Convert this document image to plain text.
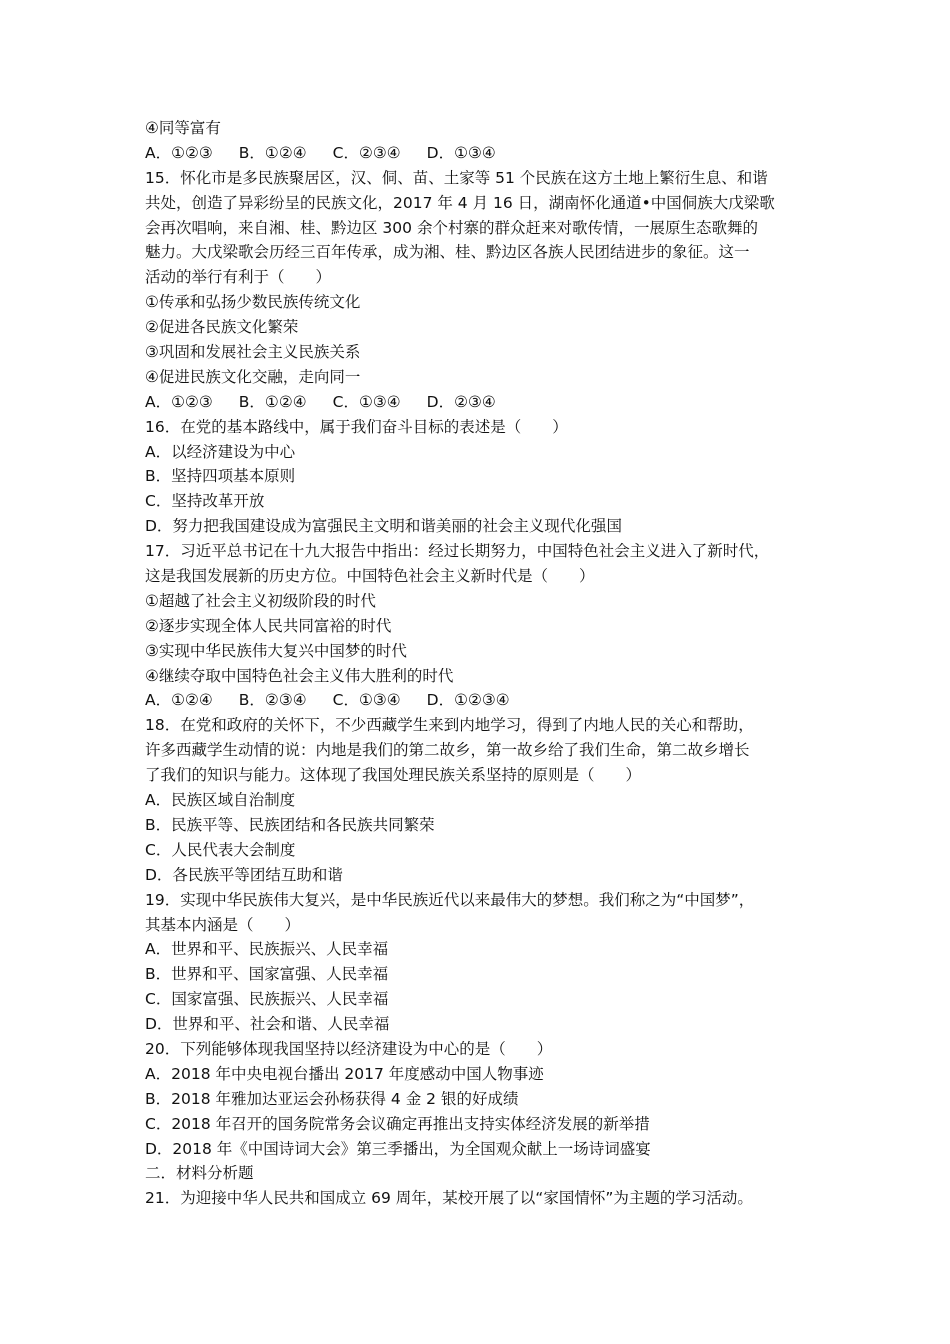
④同等富有
A．①②③ B．①②④ C．②③④ D．①③④
15．怀化市是多民族聚居区，汉、侗、苗、土家等 51 个民族在这方土地上繁衍生息、和谐
共处，创造了异彩纷呈的民族文化，2017 年 4 月 16 日，湖南怀化通道•中国侗族大戊梁歌
会再次唱响，来自湘、桂、黔边区 300 余个村寨的群众赶来对歌传情，一展原生态歌舞的
魅力。大戊梁歌会历经三百年传承，成为湘、桂、黔边区各族人民团结进步的象征。这一
活动的举行有利于（　　）
①传承和弘扬少数民族传统文化
②促进各民族文化繁荣
③巩固和发展社会主义民族关系
④促进民族文化交融，走向同一
A．①②③ B．①②④ C．①③④ D．②③④
16．在党的基本路线中，属于我们奋斗目标的表述是（　　）
A．以经济建设为中心
B．坚持四项基本原则
C．坚持改革开放
D．努力把我国建设成为富强民主文明和谐美丽的社会主义现代化强国
17．习近平总书记在十九大报告中指出：经过长期努力，中国特色社会主义进入了新时代，
这是我国发展新的历史方位。中国特色社会主义新时代是（　　）
①超越了社会主义初级阶段的时代
②逐步实现全体人民共同富裕的时代
③实现中华民族伟大复兴中国梦的时代
④继续夺取中国特色社会主义伟大胜利的时代
A．①②④ B．②③④ C．①③④ D．①②③④
18．在党和政府的关怀下，不少西藏学生来到内地学习，得到了内地人民的关心和帮助，
许多西藏学生动情的说：内地是我们的第二故乡，第一故乡给了我们生命，第二故乡增长
了我们的知识与能力。这体现了我国处理民族关系坚持的原则是（　　）
A．民族区域自治制度
B．民族平等、民族团结和各民族共同繁荣
C．人民代表大会制度
D．各民族平等团结互助和谐
19．实现中华民族伟大复兴，是中华民族近代以来最伟大的梦想。我们称之为“中国梦”，
其基本内涵是（　　）
A．世界和平、民族振兴、人民幸福
B．世界和平、国家富强、人民幸福
C．国家富强、民族振兴、人民幸福
D．世界和平、社会和谐、人民幸福
20．下列能够体现我国坚持以经济建设为中心的是（　　）
A．2018 年中央电视台播出 2017 年度感动中国人物事迹
B．2018 年雅加达亚运会孙杨获得 4 金 2 银的好成绩
C．2018 年召开的国务院常务会议确定再推出支持实体经济发展的新举措
D．2018 年《中国诗词大会》第三季播出，为全国观众献上一场诗词盛宴
二．材料分析题
21．为迎接中华人民共和国成立 69 周年，某校开展了以“家国情怀”为主题的学习活动。
